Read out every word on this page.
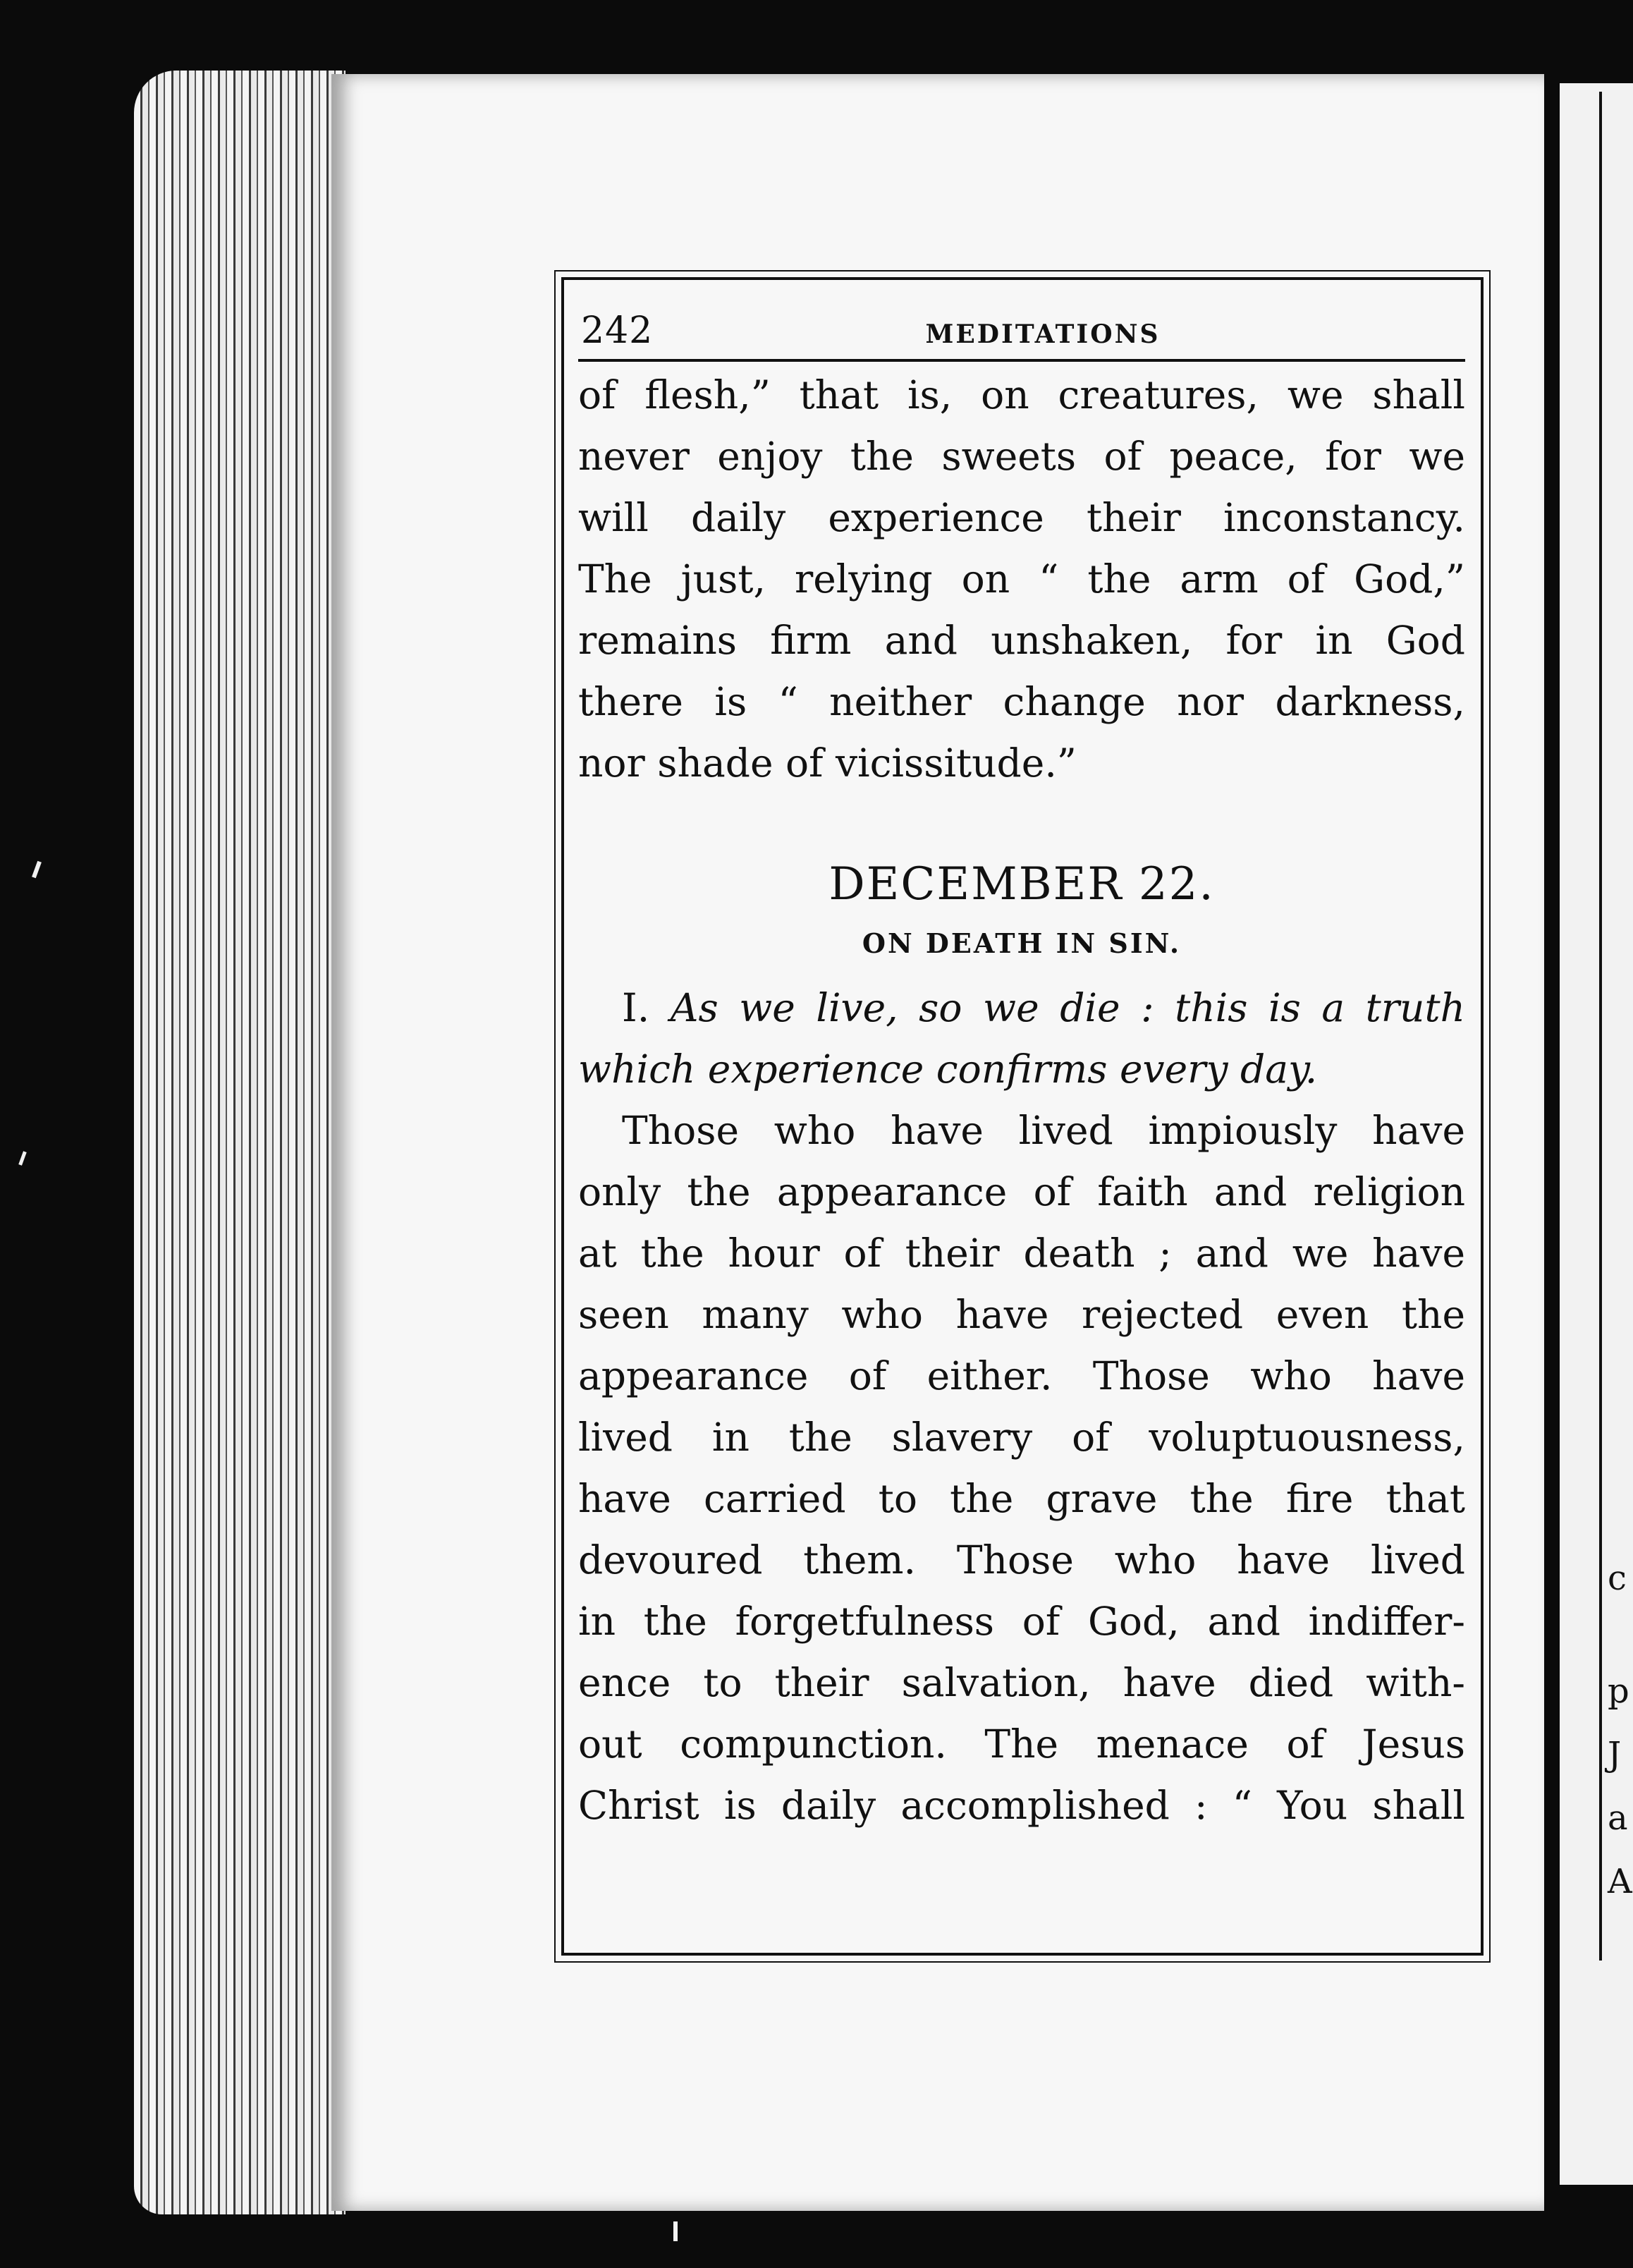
c
p
J
a
A
242	MEDITATIONS

of flesh,” that is, on creatures, we shall
never enjoy the sweets of peace, for we
will daily experience their inconstancy.
The just, relying on “ the arm of God,”
remains firm and unshaken, for in God
there is “ neither change nor darkness,
nor shade of vicissitude.”

DECEMBER 22.
ON DEATH IN SIN.

I. As we live, so we die : this is a truth
which experience confirms every day.

Those who have lived impiously have
only the appearance of faith and religion
at the hour of their death ; and we have
seen many who have rejected even the
appearance of either. Those who have
lived in the slavery of voluptuousness,
have carried to the grave the fire that
devoured them. Those who have lived
in the forgetfulness of God, and indiffer-
ence to their salvation, have died with-
out compunction. The menace of Jesus
Christ is daily accomplished : “ You shall
